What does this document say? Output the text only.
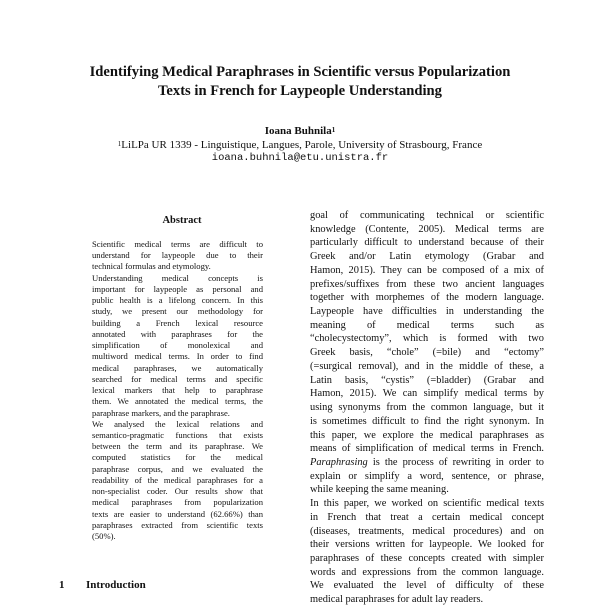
Identifying Medical Paraphrases in Scientific versus Popularization
Texts in French for Laypeople Understanding
Ioana Buhnila$^1$
$^1$LiLPa UR 1339 - Linguistique, Langues, Parole, University of Strasbourg, France
ioana.buhnila@etu.unistra.fr
Abstract
Scientific medical terms are difficult to
understand for laypeople due to their
technical formulas and etymology.
Understanding medical concepts is
important for laypeople as personal and
public health is a lifelong concern. In this
study, we present our methodology for
building a French lexical resource
annotated with paraphrases for the
simplification of monolexical and
multiword medical terms. In order to find
medical paraphrases, we automatically
searched for medical terms and specific
lexical markers that help to paraphrase
them. We annotated the medical terms, the
paraphrase markers, and the paraphrase.
We analysed the lexical relations and
semantico-pragmatic functions that exists
between the term and its paraphrase. We
computed statistics for the medical
paraphrase corpus, and we evaluated the
readability of the medical paraphrases for a
non-specialist coder. Our results show that
medical paraphrases from popularization
texts are easier to understand (62.66%) than
paraphrases extracted from scientific texts
(50%).
1 Introduction
goal of communicating technical or scientific
knowledge (Contente, 2005). Medical terms are
particularly difficult to understand because of their
Greek and/or Latin etymology (Grabar and
Hamon, 2015). They can be composed of a mix of
prefixes/suffixes from these two ancient languages
together with morphemes of the modern language.
Laypeople have difficulties in understanding the
meaning of medical terms such as
“cholecystectomy”, which is formed with two
Greek basis, “chole” (=bile) and “ectomy”
(=surgical removal), and in the middle of these, a
Latin basis, “cystis” (=bladder) (Grabar and
Hamon, 2015). We can simplify medical terms by
using synonyms from the common language, but it
is sometimes difficult to find the right synonym. In
this paper, we explore the medical paraphrases as
means of simplification of medical terms in French.
Paraphrasing is the process of rewriting in order to
explain or simplify a word, sentence, or phrase,
while keeping the same meaning.
In this paper, we worked on scientific medical texts
in French that treat a certain medical concept
(diseases, treatments, medical procedures) and on
their versions written for laypeople. We looked for
paraphrases of these concepts created with simpler
words and expressions from the common language.
We evaluated the level of difficulty of these
medical paraphrases for adult lay readers.
